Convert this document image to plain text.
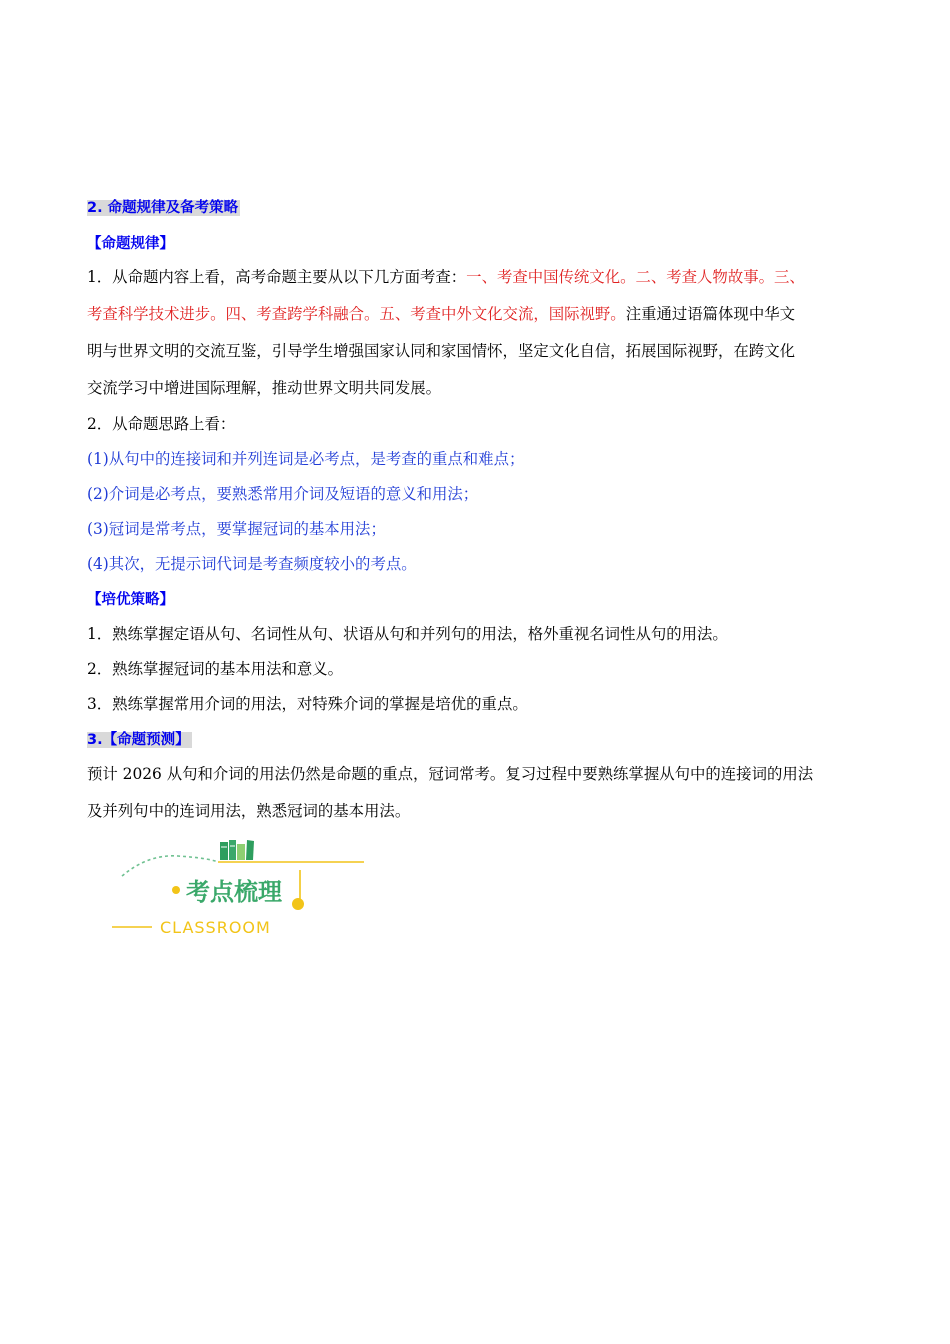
2. 命题规律及备考策略
【命题规律】
1．从命题内容上看，高考命题主要从以下几方面考查：一、考查中国传统文化。二、考查人物故事。三、
考查科学技术进步。四、考查跨学科融合。五、考查中外文化交流，国际视野。注重通过语篇体现中华文
明与世界文明的交流互鉴，引导学生增强国家认同和家国情怀，坚定文化自信，拓展国际视野，在跨文化
交流学习中增进国际理解，推动世界文明共同发展。
2．从命题思路上看：
(1)从句中的连接词和并列连词是必考点，是考查的重点和难点；
(2)介词是必考点，要熟悉常用介词及短语的意义和用法；
(3)冠词是常考点，要掌握冠词的基本用法；
(4)其次，无提示词代词是考查频度较小的考点。
【培优策略】
1．熟练掌握定语从句、名词性从句、状语从句和并列句的用法，格外重视名词性从句的用法。
2．熟练掌握冠词的基本用法和意义。
3．熟练掌握常用介词的用法，对特殊介词的掌握是培优的重点。
3.【命题预测】
预计 2026 从句和介词的用法仍然是命题的重点，冠词常考。复习过程中要熟练掌握从句中的连接词的用法
及并列句中的连词用法，熟悉冠词的基本用法。
考点梳理
CLASSROOM
